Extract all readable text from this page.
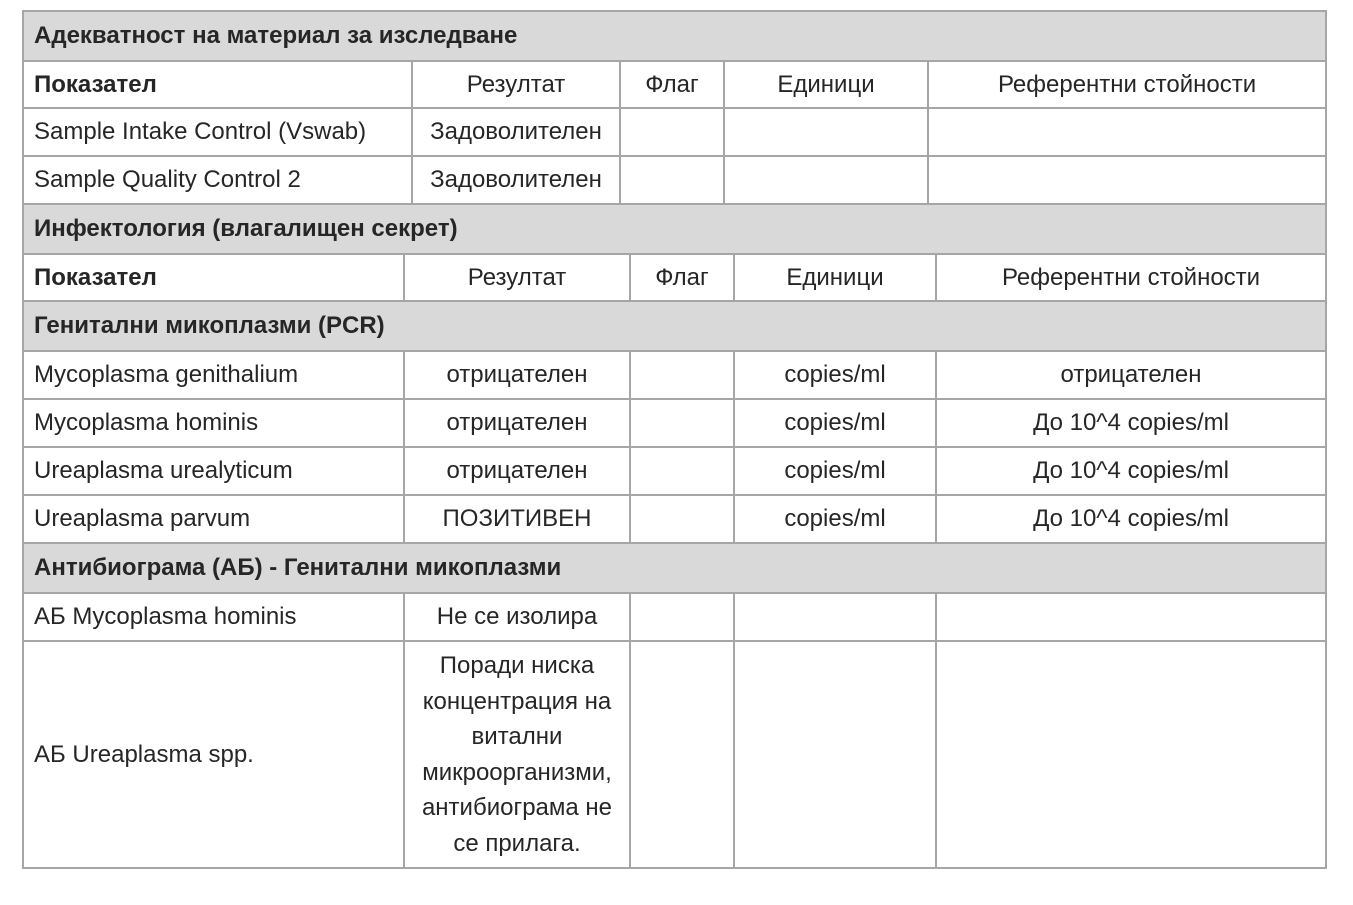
Адекватност на материал за изследване				
Показател	Резултат	Флаг	Единици	Референтни стойности
Sample Intake Control (Vswab)	Задоволителен			
Sample Quality Control 2	Задоволителен			
Инфектология (влагалищен секрет)				
Показател	Резултат	Флаг	Единици	Референтни стойности
Генитални микоплазми (PCR)				
Mycoplasma genithalium	отрицателен		copies/ml	отрицателен
Mycoplasma hominis	отрицателен		copies/ml	До 10^4 copies/ml
Ureaplasma urealyticum	отрицателен		copies/ml	До 10^4 copies/ml
Ureaplasma parvum	ПОЗИТИВЕН		copies/ml	До 10^4 copies/ml
Антибиограма (АБ) - Генитални микоплазми				
АБ Mycoplasma hominis	Не се изолира			
АБ Ureaplasma spp.	Поради ниска концентрация на витални микроорганизми, антибиограма не се прилага.			
